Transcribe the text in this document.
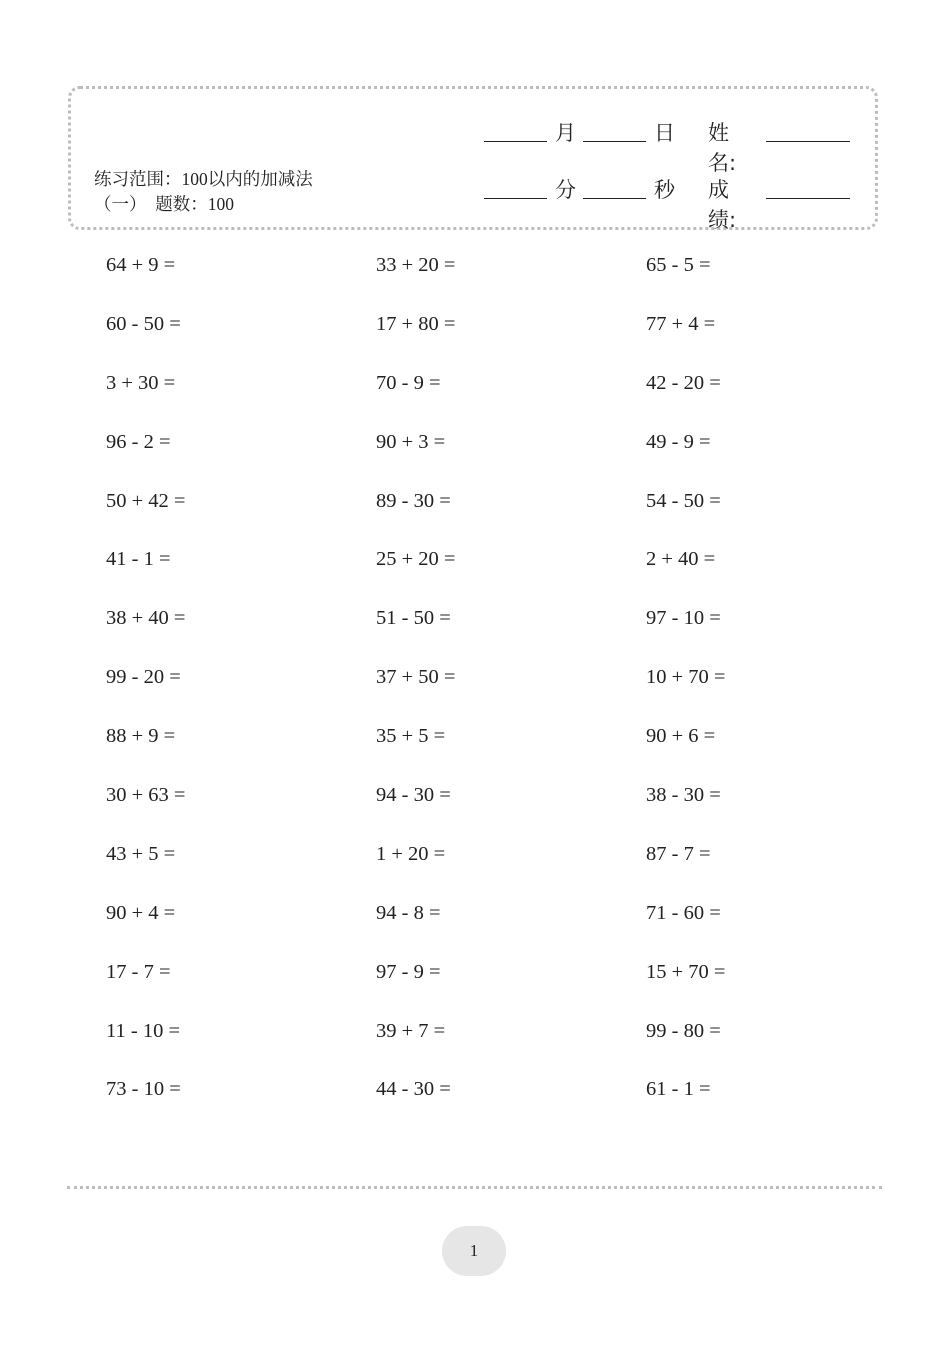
练习范围：100以内的加减法
（一）  题数：100
月	日 姓名:
分	秒 成绩:
64 + 9 =	33 + 20 =	65 - 5 =
60 - 50 =	17 + 80 =	77 + 4 =
3 + 30 =	70 - 9 =	42 - 20 =
96 - 2 =	90 + 3 =	49 - 9 =
50 + 42 =	89 - 30 =	54 - 50 =
41 - 1 =	25 + 20 =	2 + 40 =
38 + 40 =	51 - 50 =	97 - 10 =
99 - 20 =	37 + 50 =	10 + 70 =
88 + 9 =	35 + 5 =	90 + 6 =
30 + 63 =	94 - 30 =	38 - 30 =
43 + 5 =	1 + 20 =	87 - 7 =
90 + 4 =	94 - 8 =	71 - 60 =
17 - 7 =	97 - 9 =	15 + 70 =
11 - 10 =	39 + 7 =	99 - 80 =
73 - 10 =	44 - 30 =	61 - 1 =
1
